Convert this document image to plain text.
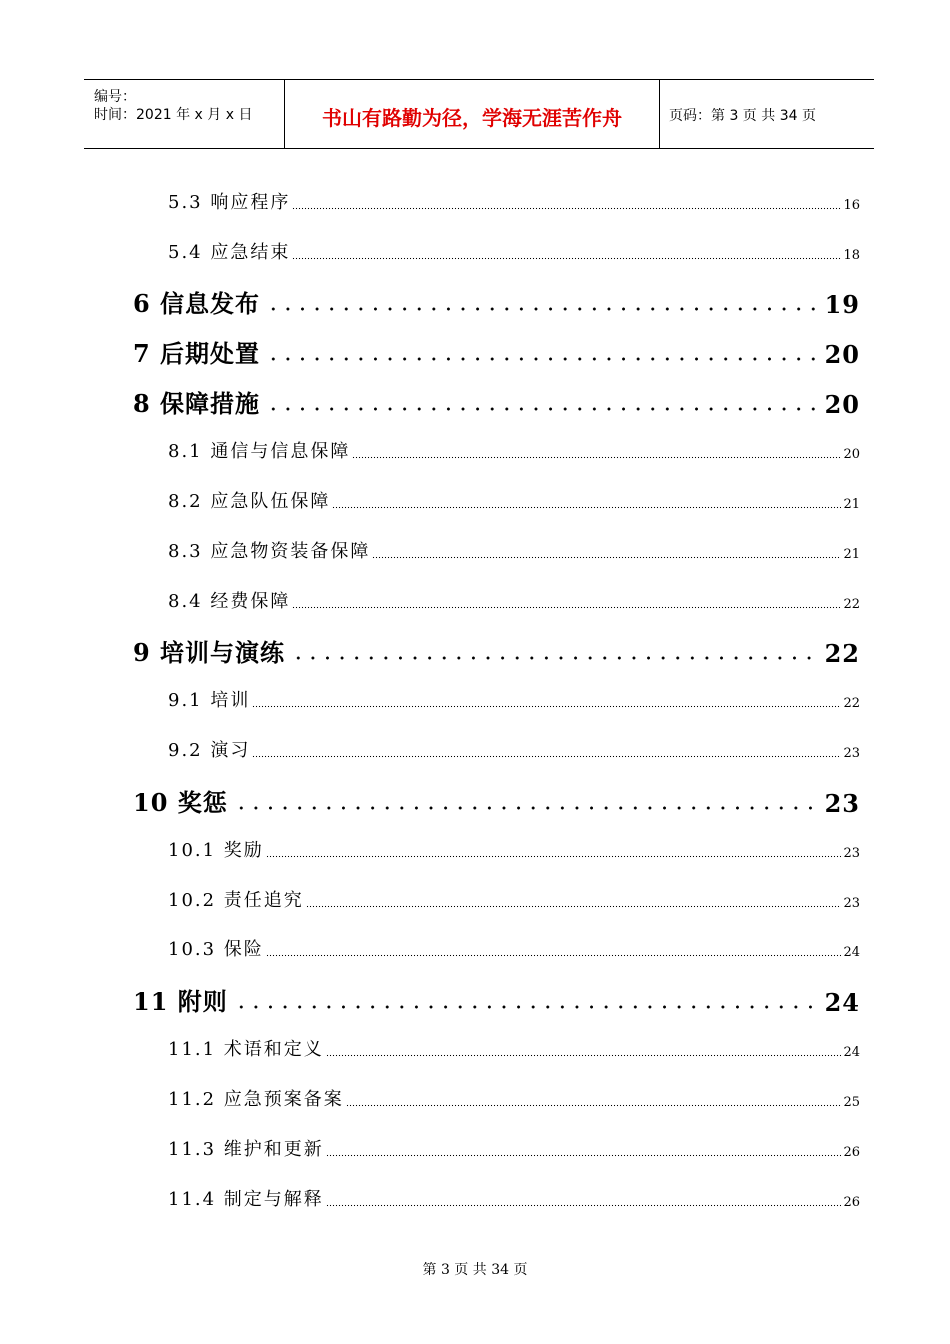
编号：
时间：2021 年 x 月 x 日	书山有路勤为径，学海无涯苦作舟	页码：第 3 页 共 34 页
5.3 响应程序	16
5.4 应急结束	18
6 信息发布	19
7 后期处置	20
8 保障措施	20
8.1 通信与信息保障	20
8.2 应急队伍保障	21
8.3 应急物资装备保障	21
8.4 经费保障	22
9 培训与演练	22
9.1 培训	22
9.2 演习	23
10 奖惩	23
10.1 奖励	23
10.2 责任追究	23
10.3 保险	24
11 附则	24
11.1 术语和定义	24
11.2 应急预案备案	25
11.3 维护和更新	26
11.4 制定与解释	26
第 3 页 共 34 页
